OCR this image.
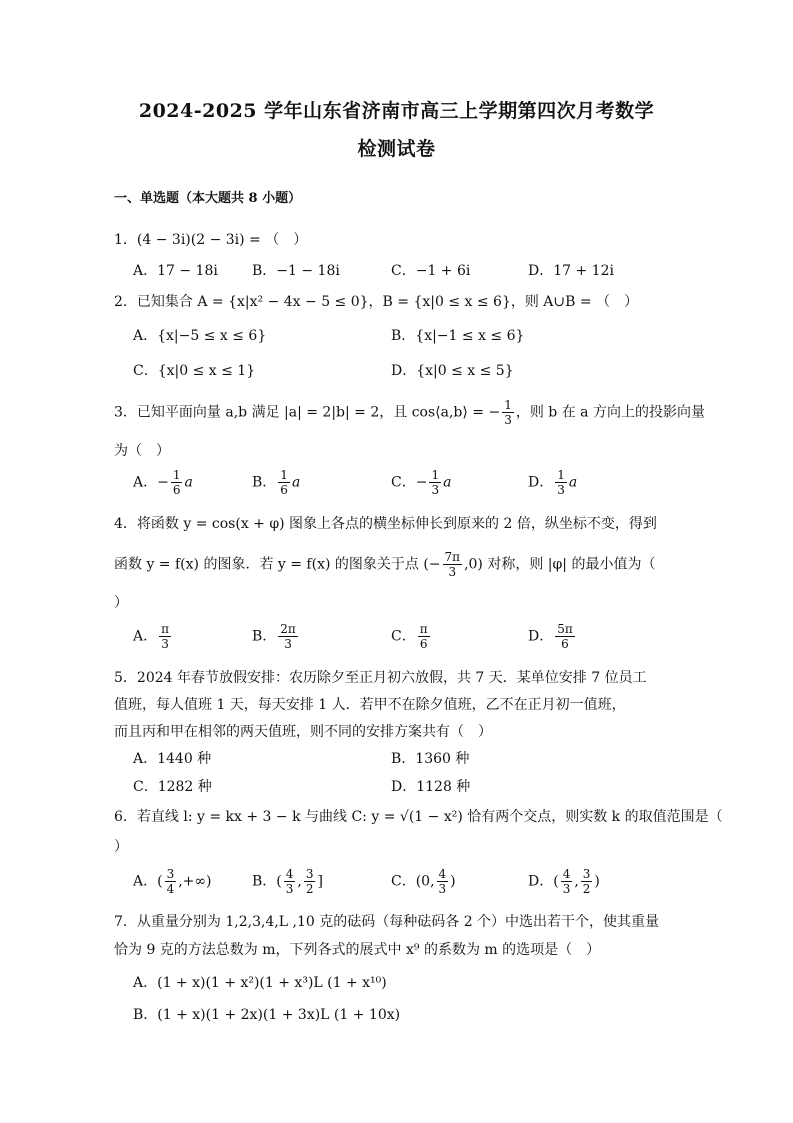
2024-2025 学年山东省济南市高三上学期第四次月考数学
检测试卷
一、单选题（本大题共 8 小题）
1．(4 − 3i)(2 − 3i) = （　）
A．17 − 18i B．−1 − 18i	C．−1 + 6i	D．17 + 12i
2．已知集合 A = {x|x² − 4x − 5 ≤ 0}，B = {x|0 ≤ x ≤ 6}，则 A∪B = （　）
A．{x|−5 ≤ x ≤ 6}	B．{x|−1 ≤ x ≤ 6}
C．{x|0 ≤ x ≤ 1}	D．{x|0 ≤ x ≤ 5}
3．已知平面向量 a,b 满足 |a| = 2|b| = 2，且 cos⟨a,b⟩ = − $\frac{1}{3}$ ，则 b 在 a 方向上的投影向量
为（　）
A．− $\frac{1}{6}$ a	B． $\frac{1}{6}$ a	C．− $\frac{1}{3}$ a	D． $\frac{1}{3}$ a
4．将函数 y = cos(x + φ) 图象上各点的横坐标伸长到原来的 2 倍，纵坐标不变，得到
函数 y = f(x) 的图象．若 y = f(x) 的图象关于点 (− $\frac{7\pi}{3} ,0$) 对称，则 |φ| 的最小值为（
）
A． $\frac{\pi}{3}$	B． $\frac{2\pi}{3}$	C． $\frac{\pi}{6}$	D． $\frac{5\pi}{6}$
5．2024 年春节放假安排：农历除夕至正月初六放假，共 7 天．某单位安排 7 位员工
值班，每人值班 1 天，每天安排 1 人．若甲不在除夕值班，乙不在正月初一值班，
而且丙和甲在相邻的两天值班，则不同的安排方案共有（　）
A．1440 种	B．1360 种
C．1282 种	D．1128 种
6．若直线 l: y = kx + 3 − k 与曲线 C: y = √(1 − x²) 恰有两个交点，则实数 k 的取值范围是（
）
A．( $\frac{3}{4}$ ,+∞)	B．( $\frac{4}{3}$ , $\frac{3}{2}$ ]	C．(0, $\frac{4}{3}$ )	D．( $\frac{4}{3}$ , $\frac{3}{2}$ )
7．从重量分别为 1,2,3,4,L ,10 克的砝码（每种砝码各 2 个）中选出若干个，使其重量
恰为 9 克的方法总数为 m，下列各式的展式中 x⁹ 的系数为 m 的选项是（　）
A．(1 + x)(1 + x²)(1 + x³)L (1 + x¹⁰)
B．(1 + x)(1 + 2x)(1 + 3x)L (1 + 10x)
